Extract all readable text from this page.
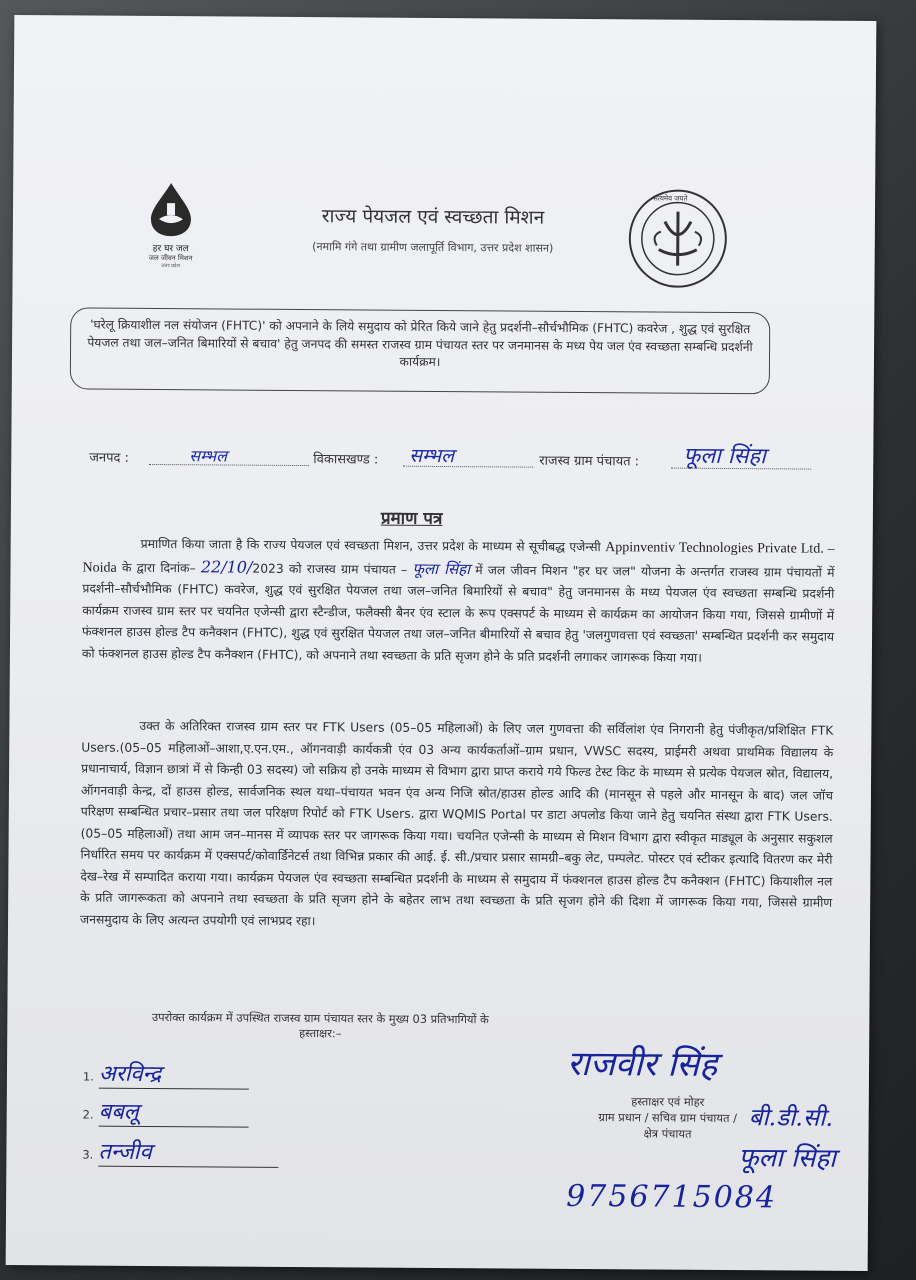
हर घर जल
जल जीवन मिशन
उत्तर प्रदेश
राज्य पेयजल एवं स्वच्छता मिशन
(नमामि गंगे तथा ग्रामीण जलापूर्ति विभाग, उत्तर प्रदेश शासन)
सत्यमेव जयते
'घरेलू क्रियाशील नल संयोजन (FHTC)' को अपनाने के लिये समुदाय को प्रेरित किये जाने हेतु प्रदर्शनी–सौर्चभौमिक (FHTC) कवरेज , शुद्ध एवं सुरक्षित पेयजल तथा जल–जनित बिमारियों से बचाव' हेतु जनपद की समस्त राजस्व ग्राम पंचायत स्तर पर जनमानस के मध्य पेय जल एंव स्वच्छता सम्बन्धि प्रदर्शनी कार्यक्रम।
जनपद :	सम्भल	विकासखण्ड : सम्भल	राजस्व ग्राम पंचायत : फूला सिंहा
प्रमाण पत्र
प्रमाणित किया जाता है कि राज्य पेयजल एवं स्वच्छता मिशन, उत्तर प्रदेश के माध्यम से सूचीबद्ध एजेन्सी Appinventiv Technologies Private Ltd. – Noida के द्वारा दिनांक– 22/10/2023 को राजस्व ग्राम पंचायत – फूला सिंहा में जल जीवन मिशन "हर घर जल" योजना के अन्तर्गत राजस्व ग्राम पंचायतों में प्रदर्शनी–सौर्चभौमिक (FHTC) कवरेज, शुद्ध एवं सुरक्षित पेयजल तथा जल–जनित बिमारियों से बचाव" हेतु जनमानस के मध्य पेयजल एंव स्वच्छता सम्बन्धि प्रदर्शनी कार्यक्रम राजस्व ग्राम स्तर पर चयनित एजेन्सी द्वारा स्टैन्डीज, फलैक्सी बैनर एंव स्टाल के रूप एक्सपर्ट के माध्यम से कार्यक्रम का आयोजन किया गया, जिससे ग्रामीणों में फंक्शनल हाउस होल्ड टैप कनैक्शन (FHTC), शुद्ध एवं सुरक्षित पेयजल तथा जल–जनित बीमारियों से बचाव हेतु 'जलगुणवत्ता एवं स्वच्छता' सम्बन्धित प्रदर्शनी कर समुदाय को फंक्शनल हाउस होल्ड टैप कनैक्शन (FHTC), को अपनाने तथा स्वच्छता के प्रति सृजग होने के प्रति प्रदर्शनी लगाकर जागरूक किया गया।
उक्त के अतिरिक्त राजस्व ग्राम स्तर पर FTK Users (05–05 महिलाओं) के लिए जल गुणवत्ता की सर्विलांश एंव निगरानी हेतु पंजीकृत/प्रशिक्षित FTK Users.(05–05 महिलाओं–आशा,ए.एन.एम., ऑगनवाड़ी कार्यकत्री एंव 03 अन्य कार्यकर्ताओं–ग्राम प्रधान, VWSC सदस्य, प्राईमरी अथवा प्राथमिक विद्यालय के प्रधानाचार्य, विज्ञान छात्रां में से किन्ही 03 सदस्य) जो सक्रिय हो उनके माध्यम से विभाग द्वारा प्राप्त कराये गये फिल्ड टेस्ट किट के माध्यम से प्रत्येक पेयजल स्रोत, विद्यालय, ऑगनवाड़ी केन्द्र, दों हाउस होल्ड, सार्वजनिक स्थल यथा–पंचायत भवन एंव अन्य निजि स्रोत/हाउस होल्ड आदि की (मानसून से पहले और मानसून के बाद) जल जॉच परिक्षण सम्बन्धित प्रचार–प्रसार तथा जल परिक्षण रिपोर्ट को FTK Users. द्वारा WQMIS Portal पर डाटा अपलोड किया जाने हेतु चयनित संस्था द्वारा FTK Users.(05–05 महिलाओं) तथा आम जन–मानस में व्यापक स्तर पर जागरूक किया गया। चयनित एजेन्सी के माध्यम से मिशन विभाग द्वारा स्वीकृत माड्यूल के अनुसार सकुशल निर्धारित समय पर कार्यक्रम में एक्सपर्ट/कोवार्डिनेटर्स तथा विभिन्न प्रकार की आई. ई. सी./प्रचार प्रसार सामग्री–बकु लेट, पम्पलेट. पोस्टर एवं स्टीकर इत्यादि वितरण कर मेरी देख–रेख में सम्पादित कराया गया। कार्यक्रम पेयजल एंव स्वच्छता सम्बन्धित प्रदर्शनी के माध्यम से समुदाय में फंक्शनल हाउस होल्ड टैप कनैक्शन (FHTC) कियाशील नल के प्रति जागरूकता को अपनाने तथा स्वच्छता के प्रति सृजग होने के बहेतर लाभ तथा स्वच्छता के प्रति सृजग होने की दिशा में जागरूक किया गया, जिससे ग्रामीण जनसमुदाय के लिए अत्यन्त उपयोगी एवं लाभप्रद रहा।
उपरोक्त कार्यक्रम में उपस्थित राजस्व ग्राम पंचायत स्तर के मुख्य 03 प्रतिभागियों के
हस्ताक्षर:–
1. अरविन्द्र
2. बबलू
3. तन्जीव
राजवीर सिंह
हस्ताक्षर एवं मोहर
ग्राम प्रधान / सचिव ग्राम पंचायत /
क्षेत्र पंचायत
बी.डी.सी.
फूला सिंहा
9756715084
